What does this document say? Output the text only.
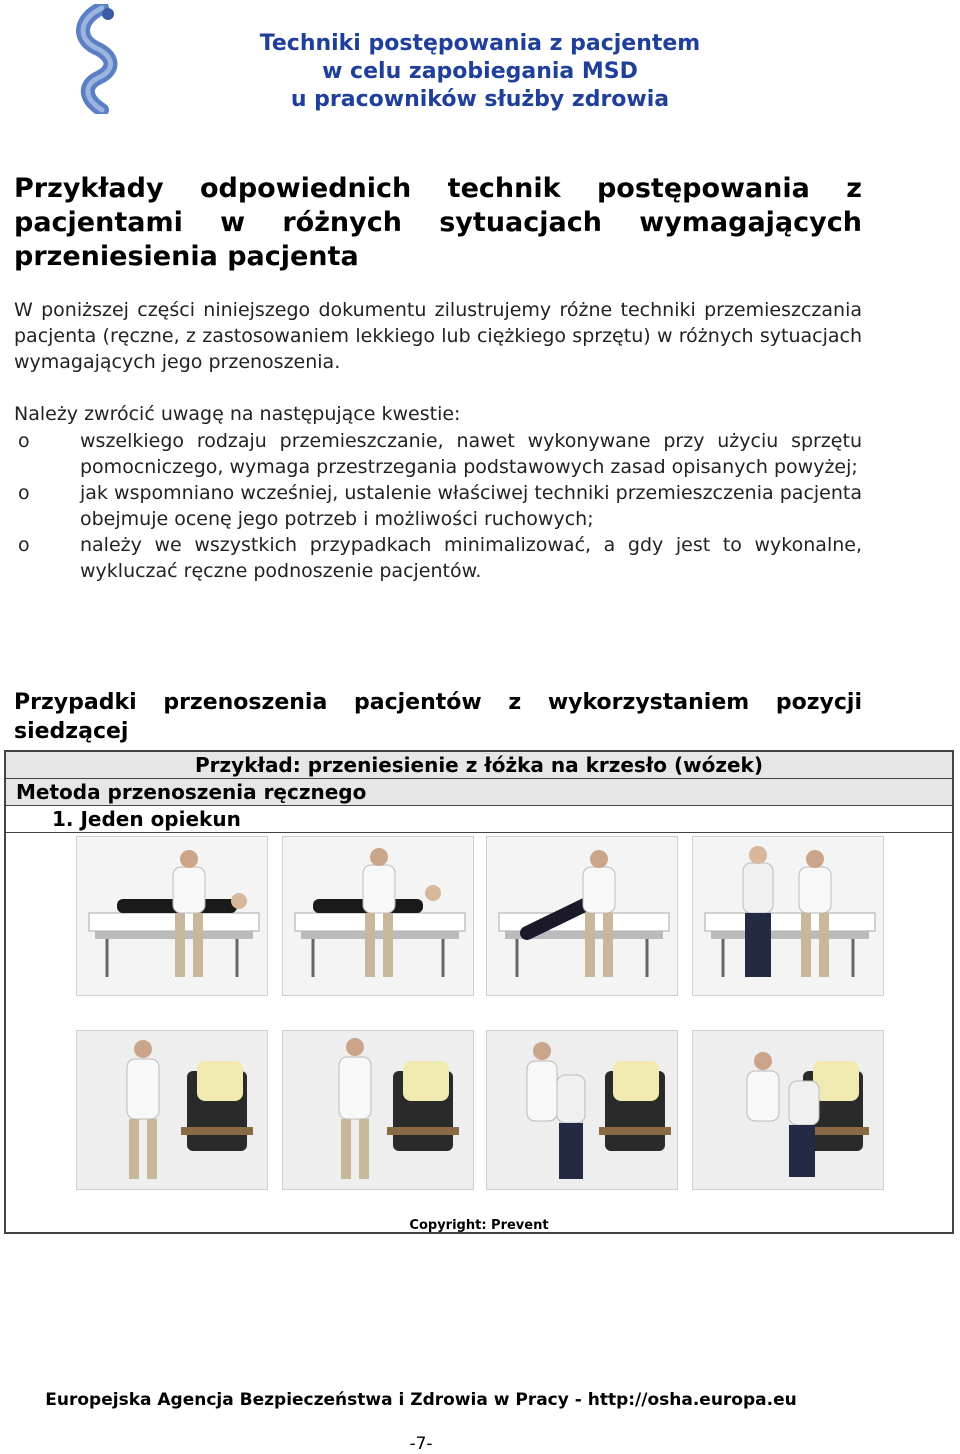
Techniki postępowania z pacjentem
w celu zapobiegania MSD
u pracowników służby zdrowia
Przykłady odpowiednich technik postępowania z pacjentami w różnych sytuacjach wymagających przeniesienia pacjenta
W poniższej części niniejszego dokumentu zilustrujemy różne techniki przemieszczania pacjenta (ręczne, z zastosowaniem lekkiego lub ciężkiego sprzętu) w różnych sytuacjach wymagających jego przenoszenia.
Należy zwrócić uwagę na następujące kwestie:
o	wszelkiego rodzaju przemieszczanie, nawet wykonywane przy użyciu sprzętu pomocniczego, wymaga przestrzegania podstawowych zasad opisanych powyżej;
o	jak wspomniano wcześniej, ustalenie właściwej techniki przemieszczenia pacjenta obejmuje ocenę jego potrzeb i możliwości ruchowych;
o	należy we wszystkich przypadkach minimalizować, a gdy jest to wykonalne, wykluczać ręczne podnoszenie pacjentów.
Przypadki przenoszenia pacjentów z wykorzystaniem pozycji siedzącej
Przykład: przeniesienie z łóżka na krzesło (wózek)
Metoda przenoszenia ręcznego
1. Jeden opiekun
Copyright: Prevent
Europejska Agencja Bezpieczeństwa i Zdrowia w Pracy - http://osha.europa.eu
-7-
